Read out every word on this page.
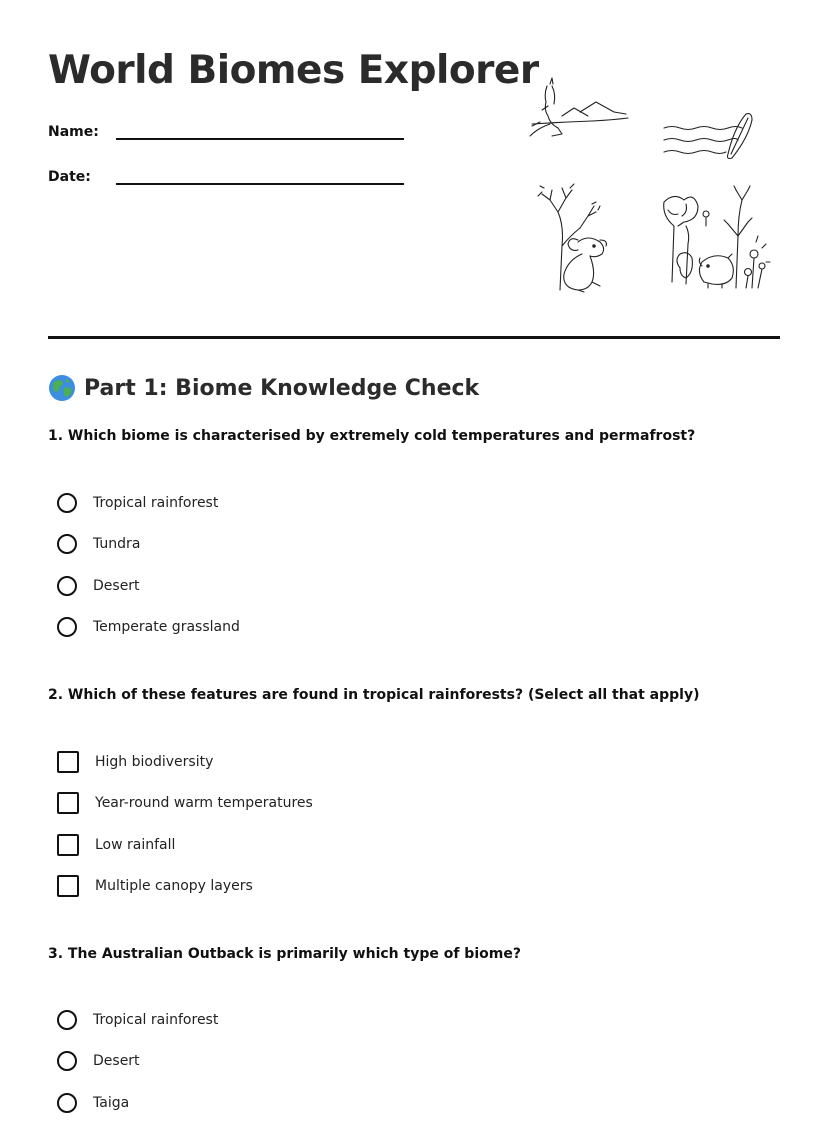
World Biomes Explorer
Name:
Date:
Part 1: Biome Knowledge Check

1. Which biome is characterised by extremely cold temperatures and permafrost?

Tropical rainforest
Tundra
Desert
Temperate grassland

2. Which of these features are found in tropical rainforests? (Select all that apply)

High biodiversity
Year-round warm temperatures
Low rainfall
Multiple canopy layers

3. The Australian Outback is primarily which type of biome?

Tropical rainforest
Desert
Taiga
